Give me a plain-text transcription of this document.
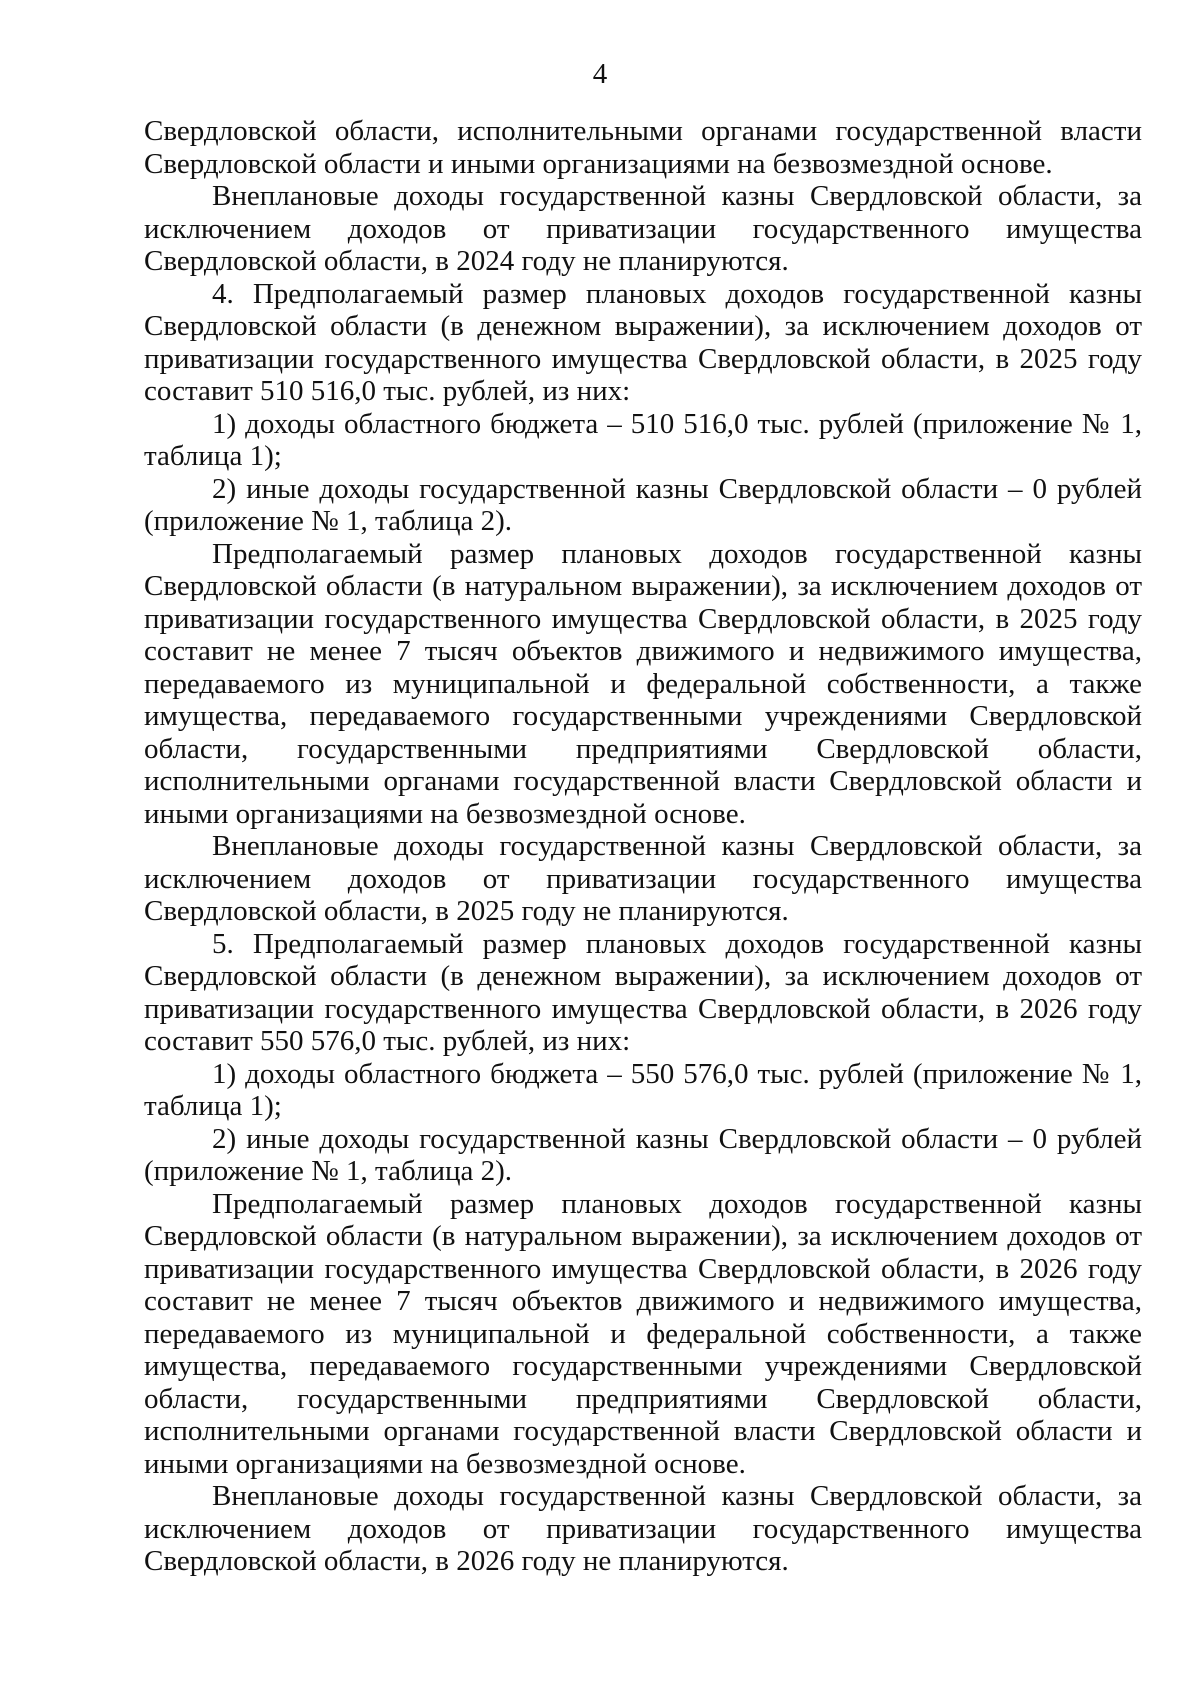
4

Свердловской области, исполнительными органами государственной власти Свердловской области и иными организациями на безвозмездной основе.

Внеплановые доходы государственной казны Свердловской области, за исключением доходов от приватизации государственного имущества Свердловской области, в 2024 году не планируются.

4. Предполагаемый размер плановых доходов государственной казны Свердловской области (в денежном выражении), за исключением доходов от приватизации государственного имущества Свердловской области, в 2025 году составит 510 516,0 тыс. рублей, из них:

1) доходы областного бюджета – 510 516,0 тыс. рублей (приложение № 1, таблица 1);

2) иные доходы государственной казны Свердловской области – 0 рублей (приложение № 1, таблица 2).

Предполагаемый размер плановых доходов государственной казны Свердловской области (в натуральном выражении), за исключением доходов от приватизации государственного имущества Свердловской области, в 2025 году составит не менее 7 тысяч объектов движимого и недвижимого имущества, передаваемого из муниципальной и федеральной собственности, а также имущества, передаваемого государственными учреждениями Свердловской области, государственными предприятиями Свердловской области, исполнительными органами государственной власти Свердловской области и иными организациями на безвозмездной основе.

Внеплановые доходы государственной казны Свердловской области, за исключением доходов от приватизации государственного имущества Свердловской области, в 2025 году не планируются.

5. Предполагаемый размер плановых доходов государственной казны Свердловской области (в денежном выражении), за исключением доходов от приватизации государственного имущества Свердловской области, в 2026 году составит 550 576,0 тыс. рублей, из них:

1) доходы областного бюджета – 550 576,0 тыс. рублей (приложение № 1, таблица 1);

2) иные доходы государственной казны Свердловской области – 0 рублей (приложение № 1, таблица 2).

Предполагаемый размер плановых доходов государственной казны Свердловской области (в натуральном выражении), за исключением доходов от приватизации государственного имущества Свердловской области, в 2026 году составит не менее 7 тысяч объектов движимого и недвижимого имущества, передаваемого из муниципальной и федеральной собственности, а также имущества, передаваемого государственными учреждениями Свердловской области, государственными предприятиями Свердловской области, исполнительными органами государственной власти Свердловской области и иными организациями на безвозмездной основе.

Внеплановые доходы государственной казны Свердловской области, за исключением доходов от приватизации государственного имущества Свердловской области, в 2026 году не планируются.
